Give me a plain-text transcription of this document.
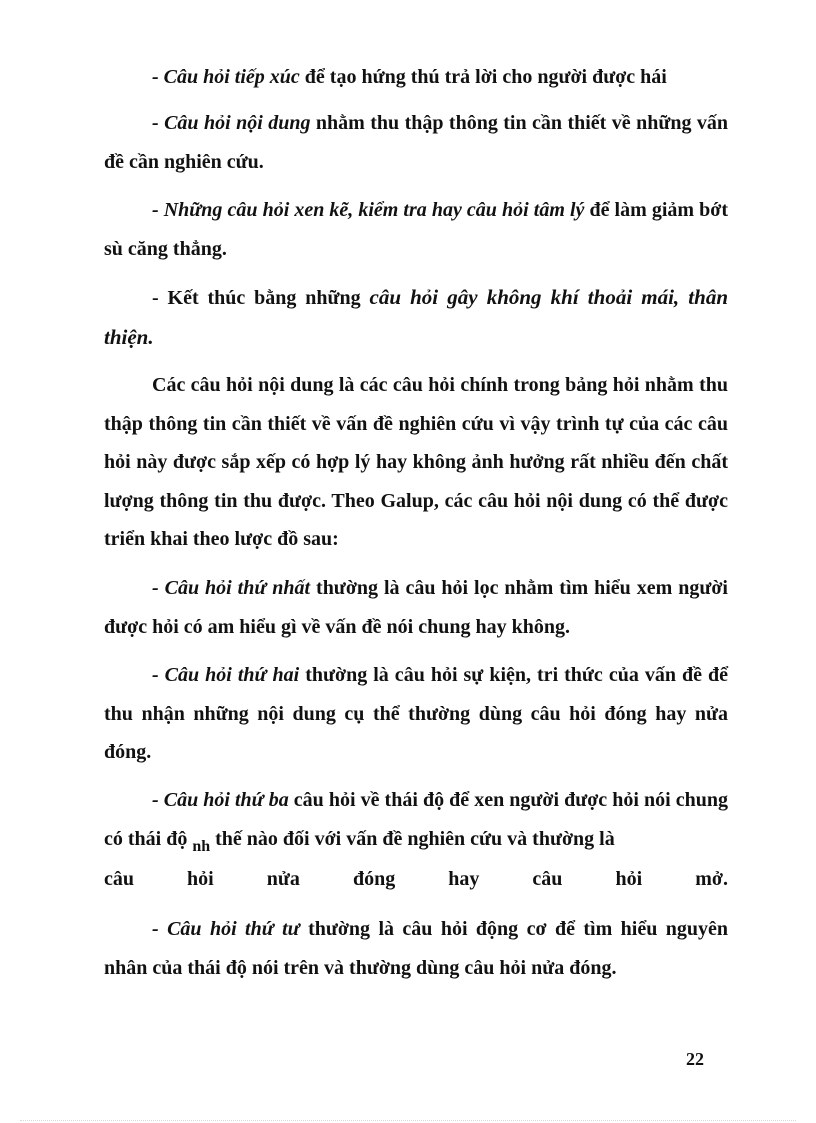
- Câu hỏi tiếp xúc để tạo hứng thú trả lời cho người được hái

- Câu hỏi nội dung nhằm thu thập thông tin cần thiết về những vấn đề cần nghiên cứu.

- Những câu hỏi xen kẽ, kiểm tra hay câu hỏi tâm lý để làm giảm bớt sù căng thẳng.

- Kết thúc bằng những câu hỏi gây không khí thoải mái, thân thiện.

Các câu hỏi nội dung là các câu hỏi chính trong bảng hỏi nhằm thu thập thông tin cần thiết về vấn đề nghiên cứu vì vậy trình tự của các câu hỏi này được sắp xếp có hợp lý hay không ảnh hưởng rất nhiều đến chất lượng thông tin thu được. Theo Galup, các câu hỏi nội dung có thể được triển khai theo lược đồ sau:

- Câu hỏi thứ nhất thường là câu hỏi lọc nhằm tìm hiểu xem người được hỏi có am hiểu gì về vấn đề nói chung hay không.

- Câu hỏi thứ hai thường là câu hỏi sự kiện, tri thức của vấn đề để thu nhận những nội dung cụ thể thường dùng câu hỏi đóng hay nửa đóng.

- Câu hỏi thứ ba câu hỏi về thái độ để xen người được hỏi nói chung có thái độ $_{nh}$ thế nào đối với vấn đề nghiên cứu và thường là
câu	hỏi	nửa	đóng	hay	câu	hỏi	mở.

- Câu hỏi thứ tư thường là câu hỏi động cơ để tìm hiểu nguyên nhân của thái độ nói trên và thường dùng câu hỏi nửa đóng.

22
